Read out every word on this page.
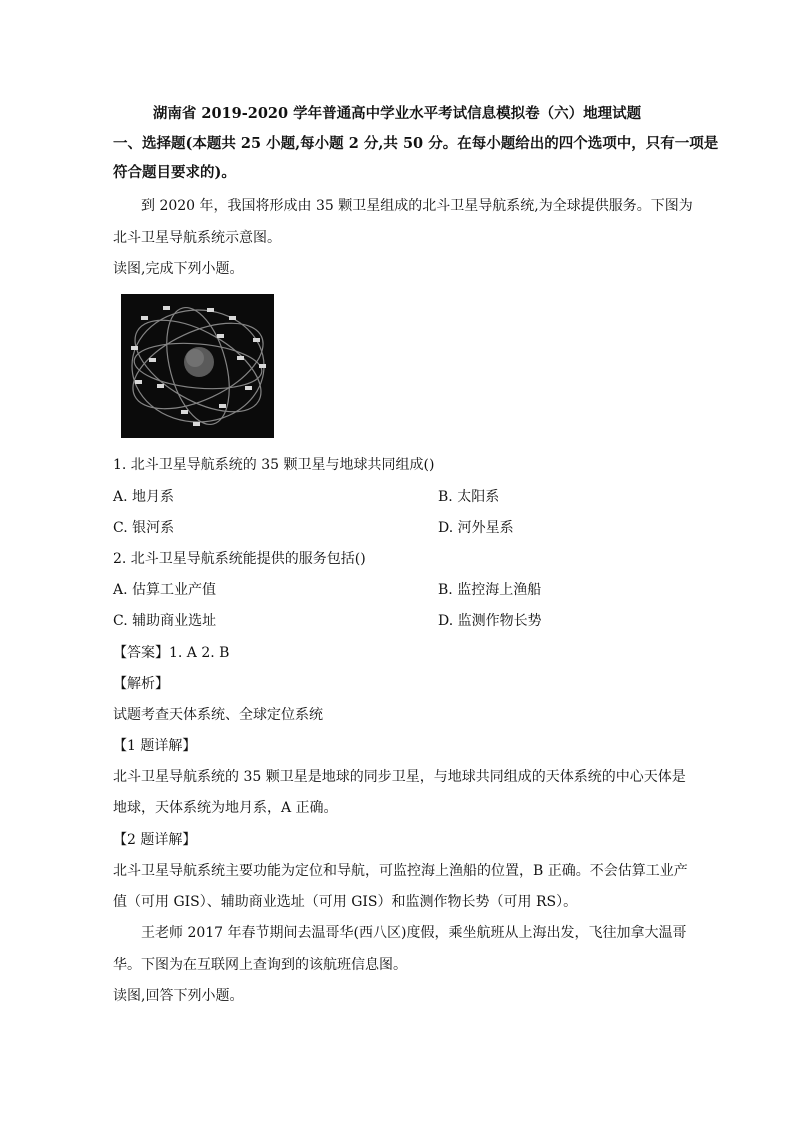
湖南省 2019-2020 学年普通高中学业水平考试信息模拟卷（六）地理试题
一、选择题(本题共 25 小题,每小题 2 分,共 50 分。在每小题给出的四个选项中，只有一项是
符合题目要求的)。
到 2020 年，我国将形成由 35 颗卫星组成的北斗卫星导航系统,为全球提供服务。下图为
北斗卫星导航系统示意图。
读图,完成下列小题。
1. 北斗卫星导航系统的 35 颗卫星与地球共同组成()
A. 地月系	B. 太阳系
C. 银河系	D. 河外星系
2. 北斗卫星导航系统能提供的服务包括()
A. 估算工业产值	B. 监控海上渔船
C. 辅助商业选址	D. 监测作物长势
【答案】1. A 2. B
【解析】
试题考查天体系统、全球定位系统
【1 题详解】
北斗卫星导航系统的 35 颗卫星是地球的同步卫星，与地球共同组成的天体系统的中心天体是
地球，天体系统为地月系，A 正确。
【2 题详解】
北斗卫星导航系统主要功能为定位和导航，可监控海上渔船的位置，B 正确。不会估算工业产
值（可用 GIS）、辅助商业选址（可用 GIS）和监测作物长势（可用 RS）。
王老师 2017 年春节期间去温哥华(西八区)度假，乘坐航班从上海出发，飞往加拿大温哥
华。下图为在互联网上查询到的该航班信息图。
读图,回答下列小题。
